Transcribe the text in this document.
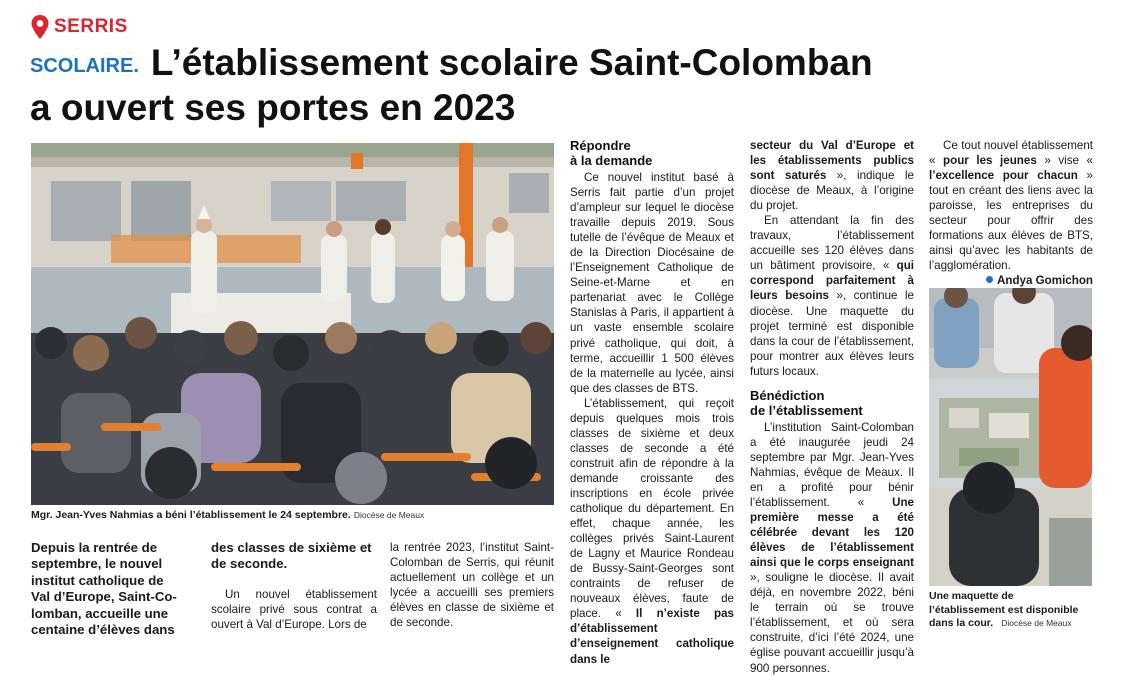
SERRIS
SCOLAIRE. L’établissement scolaire Saint-Colomban
a ouvert ses portes en 2023
Mgr. Jean-Yves Nahmias a béni l’établissement le 24 septembre. Diocèse de Meaux
Depuis la rentrée de
septembre, le nouvel
institut catholique de
Val d’Europe, Saint-Co-
lomban, accueille une
centaine d’élèves dans
des classes de sixième et
de seconde.

Un nouvel établissement scolaire privé sous contrat a ouvert à Val d’Europe. Lors de

la rentrée 2023, l’institut Saint-Colomban de Serris, qui réunit actuellement un collège et un lycée a accueilli ses premiers élèves en classe de sixième et de seconde.

Répondre
à la demande

Ce nouvel institut basé à Serris fait partie d’un projet d’ampleur sur lequel le diocèse travaille depuis 2019. Sous tutelle de l’évêque de Meaux et de la Direction Diocésaine de l’Enseignement Catholique de Seine-et-Marne et en partenariat avec le Collège Stanislas à Paris, il appartient à un vaste ensemble scolaire privé catholique, qui doit, à terme, accueillir 1 500 élèves de la maternelle au lycée, ainsi que des classes de BTS.

L’établissement, qui reçoit depuis quelques mois trois classes de sixième et deux classes de seconde a été construit afin de répondre à la demande croissante des inscriptions en école privée catholique du département. En effet, chaque année, les collèges privés Saint-Laurent de Lagny et Maurice Rondeau de Bussy-Saint-Georges sont contraints de refuser de nouveaux élèves, faute de place. « Il n’existe pas d’établissement d’enseignement catholique dans le

secteur du Val d’Europe et les établissements publics sont saturés », indique le diocèse de Meaux, à l’origine du projet.

En attendant la fin des travaux, l’établissement accueille ses 120 élèves dans un bâtiment provisoire, « qui correspond parfaitement à leurs besoins », continue le diocèse. Une maquette du projet terminé est disponible dans la cour de l’établissement, pour montrer aux élèves leurs futurs locaux.

Bénédiction
de l’établissement

L’institution Saint-Colomban a été inaugurée jeudi 24 septembre par Mgr. Jean-Yves Nahmias, évêque de Meaux. Il en a profité pour bénir l’établissement. « Une première messe a été célébrée devant les 120 élèves de l’établissement ainsi que le corps enseignant », souligne le diocèse. Il avait déjà, en novembre 2022, béni le terrain où se trouve l’établissement, et où sera construite, d’ici l’été 2024, une église pouvant accueillir jusqu’à 900 personnes.

Ce tout nouvel établissement « pour les jeunes » vise « l’excellence pour chacun » tout en créant des liens avec la paroisse, les entreprises du secteur pour offrir des formations aux élèves de BTS, ainsi qu’avec les habitants de l’agglomération.

Andya Gomichon
Une maquette de
l’établissement est disponible
dans la cour. Diocèse de Meaux
